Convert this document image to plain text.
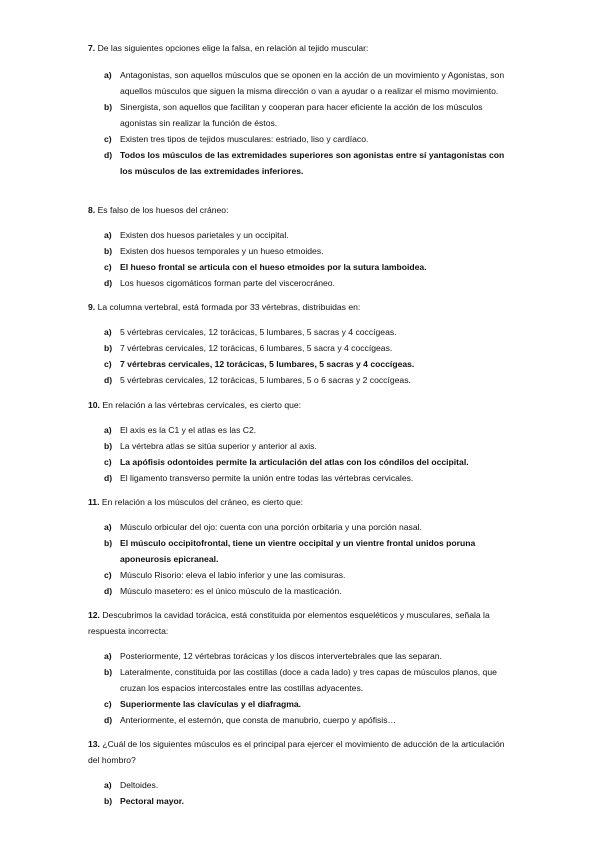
7. De las siguientes opciones elige la falsa, en relación al tejido muscular:

a) Antagonistas, son aquellos músculos que se oponen en la acción de un movimiento y Agonistas, son aquellos músculos que siguen la misma dirección o van a ayudar o a realizar el mismo movimiento.
b) Sinergista, son aquellos que facilitan y cooperan para hacer eficiente la acción de los músculos agonistas sin realizar la función de éstos.
c) Existen tres tipos de tejidos musculares: estriado, liso y cardíaco.
d) Todos los músculos de las extremidades superiores son agonistas entre sí yantagonistas con los músculos de las extremidades inferiores.

8. Es falso de los huesos del cráneo:

a) Existen dos huesos parietales y un occipital.
b) Existen dos huesos temporales y un hueso etmoides.
c) El hueso frontal se articula con el hueso etmoides por la sutura lamboidea.
d) Los huesos cigomáticos forman parte del viscerocráneo.

9. La columna vertebral, está formada por 33 vértebras, distribuidas en:

a) 5 vértebras cervicales, 12 torácicas, 5 lumbares, 5 sacras y 4 coccígeas.
b) 7 vértebras cervicales, 12 torácicas, 6 lumbares, 5 sacra y 4 coccígeas.
c) 7 vértebras cervicales, 12 torácicas, 5 lumbares, 5 sacras y 4 coccígeas.
d) 5 vértebras cervicales, 12 torácicas, 5 lumbares, 5 o 6 sacras y 2 coccígeas.

10. En relación a las vértebras cervicales, es cierto que:

a) El axis es la C1 y el atlas es las C2.
b) La vértebra atlas se sitúa superior y anterior al axis.
c) La apófisis odontoides permite la articulación del atlas con los cóndilos del occipital.
d) El ligamento transverso permite la unión entre todas las vértebras cervicales.

11. En relación a los músculos del cráneo, es cierto que:

a) Músculo orbicular del ojo: cuenta con una porción orbitaria y una porción nasal.
b) El músculo occipitofrontal, tiene un vientre occipital y un vientre frontal unidos poruna aponeurosis epicraneal.
c) Músculo Risorio: eleva el labio inferior y une las comisuras.
d) Músculo masetero: es el único músculo de la masticación.

12. Descubrimos la cavidad torácica, está constituida por elementos esqueléticos y musculares, señala la respuesta incorrecta:

a) Posteriormente, 12 vértebras torácicas y los discos intervertebrales que las separan.
b) Lateralmente, constituida por las costillas (doce a cada lado) y tres capas de músculos planos, que cruzan los espacios intercostales entre las costillas adyacentes.
c) Superiormente las clavículas y el diafragma.
d) Anteriormente, el esternón, que consta de manubrio, cuerpo y apófisis…

13. ¿Cuál de los siguientes músculos es el principal para ejercer el movimiento de aducción de la articulación del hombro?

a) Deltoides.
b) Pectoral mayor.
